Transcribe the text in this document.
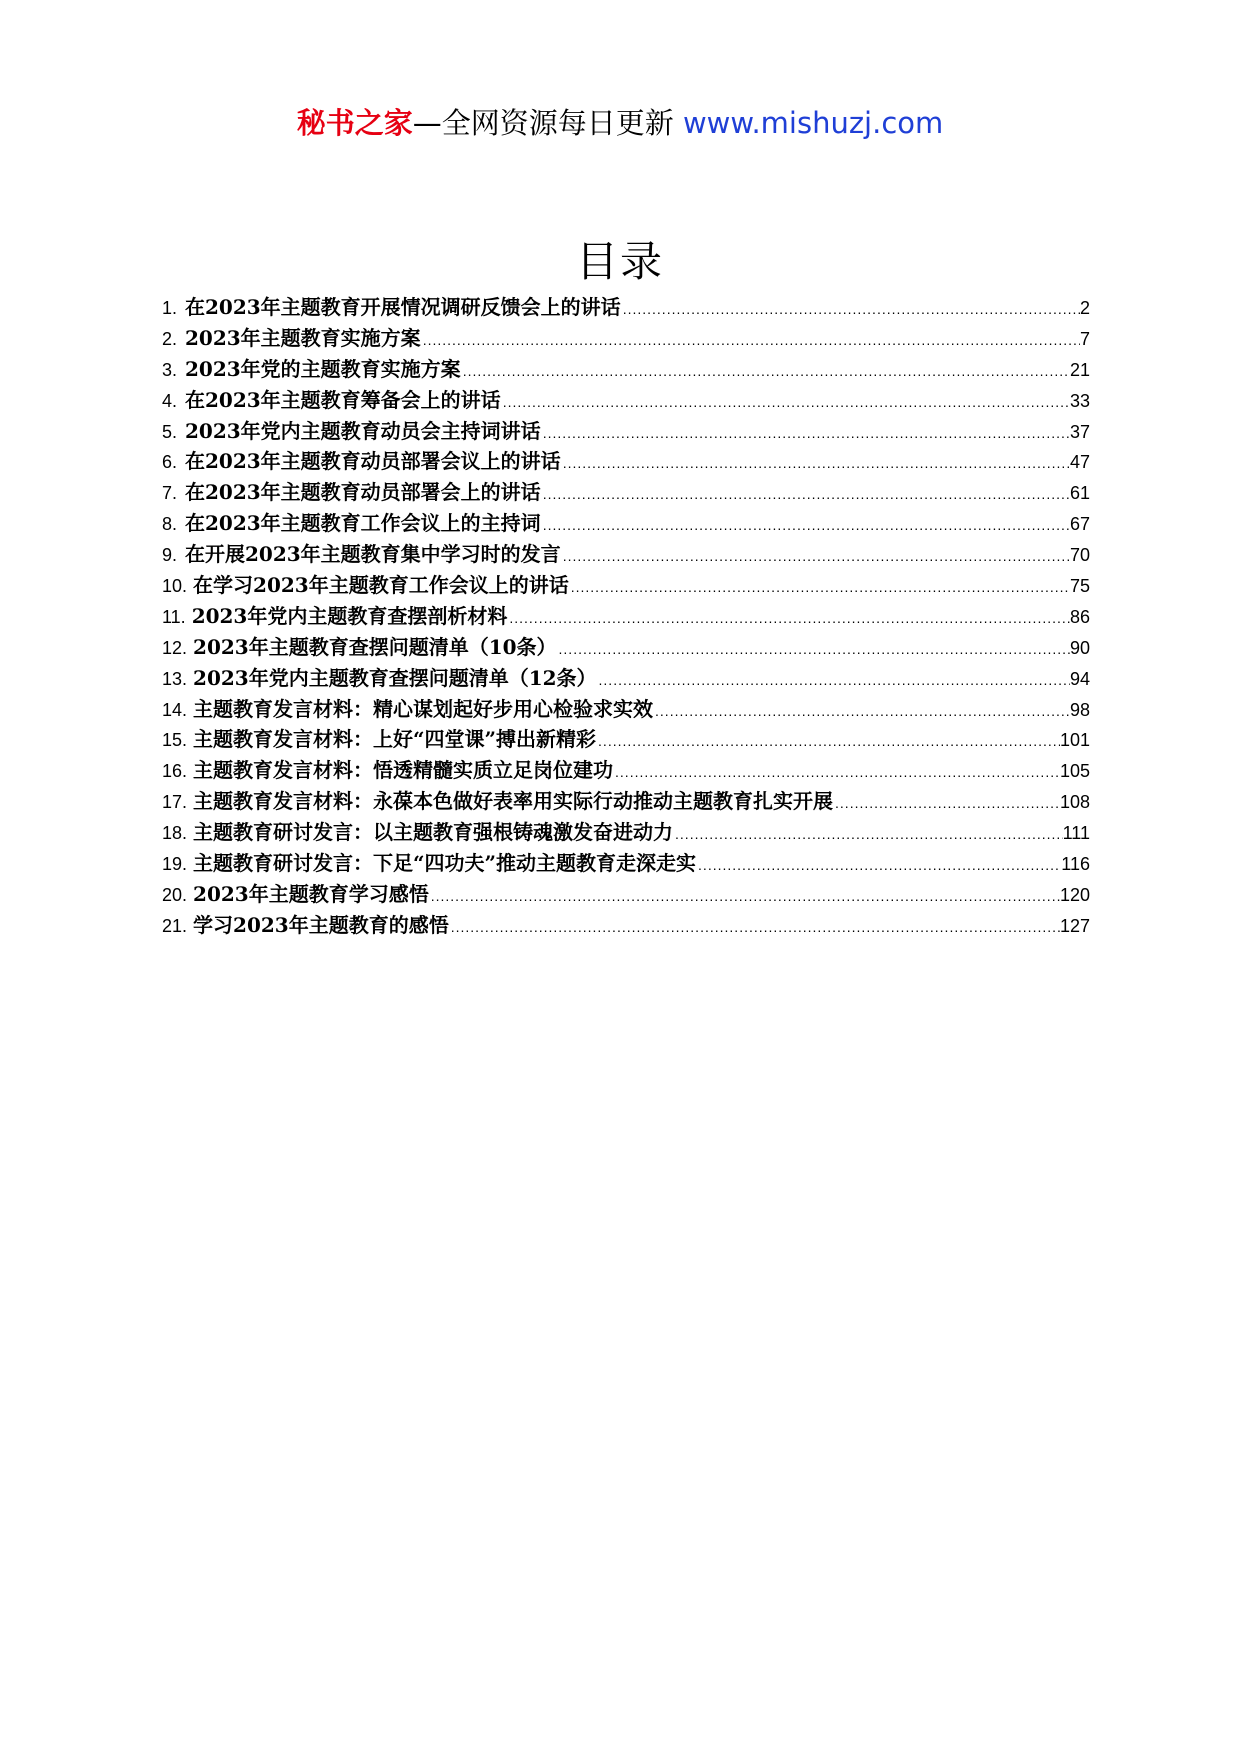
秘书之家—全网资源每日更新 www.mishuzj.com
目录
1. 在2023年主题教育开展情况调研反馈会上的讲话 .....	2
2. 2023年主题教育实施方案 .....	7
3. 2023年党的主题教育实施方案 .....	21
4. 在2023年主题教育筹备会上的讲话 .....	33
5. 2023年党内主题教育动员会主持词讲话 .....	37
6. 在2023年主题教育动员部署会议上的讲话 .....	47
7. 在2023年主题教育动员部署会上的讲话 .....	61
8. 在2023年主题教育工作会议上的主持词 .....	67
9. 在开展2023年主题教育集中学习时的发言 .....	70
10. 在学习2023年主题教育工作会议上的讲话 .....	75
11. 2023年党内主题教育查摆剖析材料 .....	86
12. 2023年主题教育查摆问题清单（10条） .....	90
13. 2023年党内主题教育查摆问题清单（12条） .....	94
14. 主题教育发言材料：精心谋划起好步用心检验求实效 .....	98
15. 主题教育发言材料：上好“四堂课”搏出新精彩 .....	101
16. 主题教育发言材料：悟透精髓实质立足岗位建功 .....	105
17. 主题教育发言材料：永葆本色做好表率用实际行动推动主题教育扎实开展 .....	108
18. 主题教育研讨发言：以主题教育强根铸魂激发奋进动力 .....	111
19. 主题教育研讨发言：下足“四功夫”推动主题教育走深走实 .....	116
20. 2023年主题教育学习感悟 .....	120
21. 学习2023年主题教育的感悟 .....	127
